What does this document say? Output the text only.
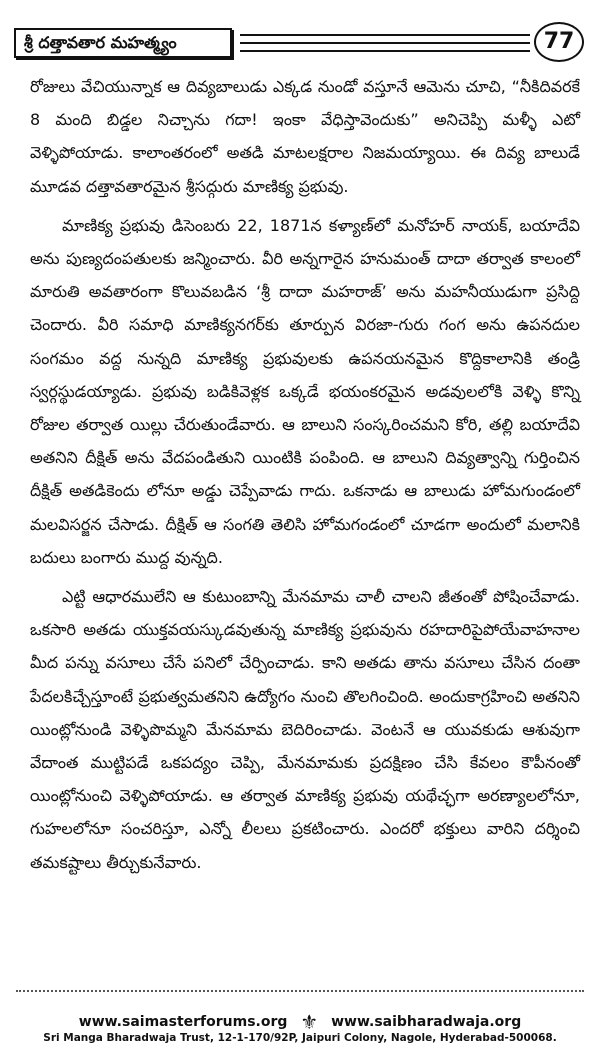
శ్రీ దత్తావతార మహత్మ్యం	77

రోజులు వేచియున్నాక ఆ దివ్యబాలుడు ఎక్కడ నుండో వస్తూనే ఆమెను చూచి, “నీకిదివరకే 8 మంది బిడ్డల నిచ్చాను గదా! ఇంకా వేధిస్తావెందుకు” అనిచెప్పి మళ్ళీ ఎటో వెళ్ళిపోయాడు. కాలాంతరంలో అతడి మాటలక్షరాల నిజమయ్యాయి. ఈ దివ్య బాలుడే మూడవ దత్తావతారమైన శ్రీసద్గురు మాణిక్య ప్రభువు.

మాణిక్య ప్రభువు డిసెంబరు 22, 1871న కళ్యాణ్‌లో మనోహర్ నాయక్, బయాదేవి అను పుణ్యదంపతులకు జన్మించారు. వీరి అన్నగారైన హనుమంత్ దాదా తర్వాత కాలంలో మారుతి అవతారంగా కొలువబడిన ‘శ్రీ దాదా మహరాజ్’ అను మహనీయుడుగా ప్రసిద్ది చెందారు. వీరి సమాధి మాణిక్యనగర్‌కు తూర్పున విరజా-గురు గంగ అను ఉపనదుల సంగమం వద్ద నున్నది మాణిక్య ప్రభువులకు ఉపనయనమైన కొద్దికాలానికి తండ్రి స్వర్గస్థుడయ్యాడు. ప్రభువు బడికివెళ్లక ఒక్కడే భయంకరమైన అడవులలోకి వెళ్ళి కొన్ని రోజుల తర్వాత యిల్లు చేరుతుండేవారు. ఆ బాలుని సంస్కరించమని కోరి, తల్లి బయాదేవి అతనిని దీక్షిత్ అను వేదపండితుని యింటికి పంపింది. ఆ బాలుని దివ్యత్వాన్ని గుర్తించిన దీక్షిత్ అతడికెందు లోనూ అడ్డు చెప్పేవాడు గాదు. ఒకనాడు ఆ బాలుడు హోమగుండంలో మలవిసర్జన చేసాడు. దీక్షిత్ ఆ సంగతి తెలిసి హోమగండంలో చూడగా అందులో మలానికి బదులు బంగారు ముద్ద వున్నది.

ఎట్టి ఆధారములేని ఆ కుటుంబాన్ని మేనమామ చాలీ చాలని జీతంతో పోషించేవాడు. ఒకసారి అతడు యుక్తవయస్కుడవుతున్న మాణిక్య ప్రభువును రహదారిపైపోయేవాహనాల మీద పన్ను వసూలు చేసే పనిలో చేర్పించాడు. కాని అతడు తాను వసూలు చేసిన దంతా పేదలకిచ్చేస్తూంటే ప్రభుత్వమతనిని ఉద్యోగం నుంచి తొలగించింది. అందుకాగ్రహించి అతనిని యింట్లోనుండి వెళ్ళిపొమ్మని మేనమామ బెదిరించాడు. వెంటనే ఆ యువకుడు ఆశువుగా వేదాంత ముట్టిపడే ఒకపద్యం చెప్పి, మేనమామకు ప్రదక్షిణం చేసి కేవలం కౌపీనంతో యింట్లోనుంచి వెళ్ళిపోయాడు. ఆ తర్వాత మాణిక్య ప్రభువు యథేచ్ఛగా అరణ్యాలలోనూ, గుహలలోనూ సంచరిస్తూ, ఎన్నో లీలలు ప్రకటించారు. ఎందరో భక్తులు వారిని దర్శించి తమకష్టాలు తీర్చుకునేవారు.

www.saimasterforums.org ⚜ www.saibharadwaja.org
Sri Manga Bharadwaja Trust, 12-1-170/92P, Jaipuri Colony, Nagole, Hyderabad-500068.
